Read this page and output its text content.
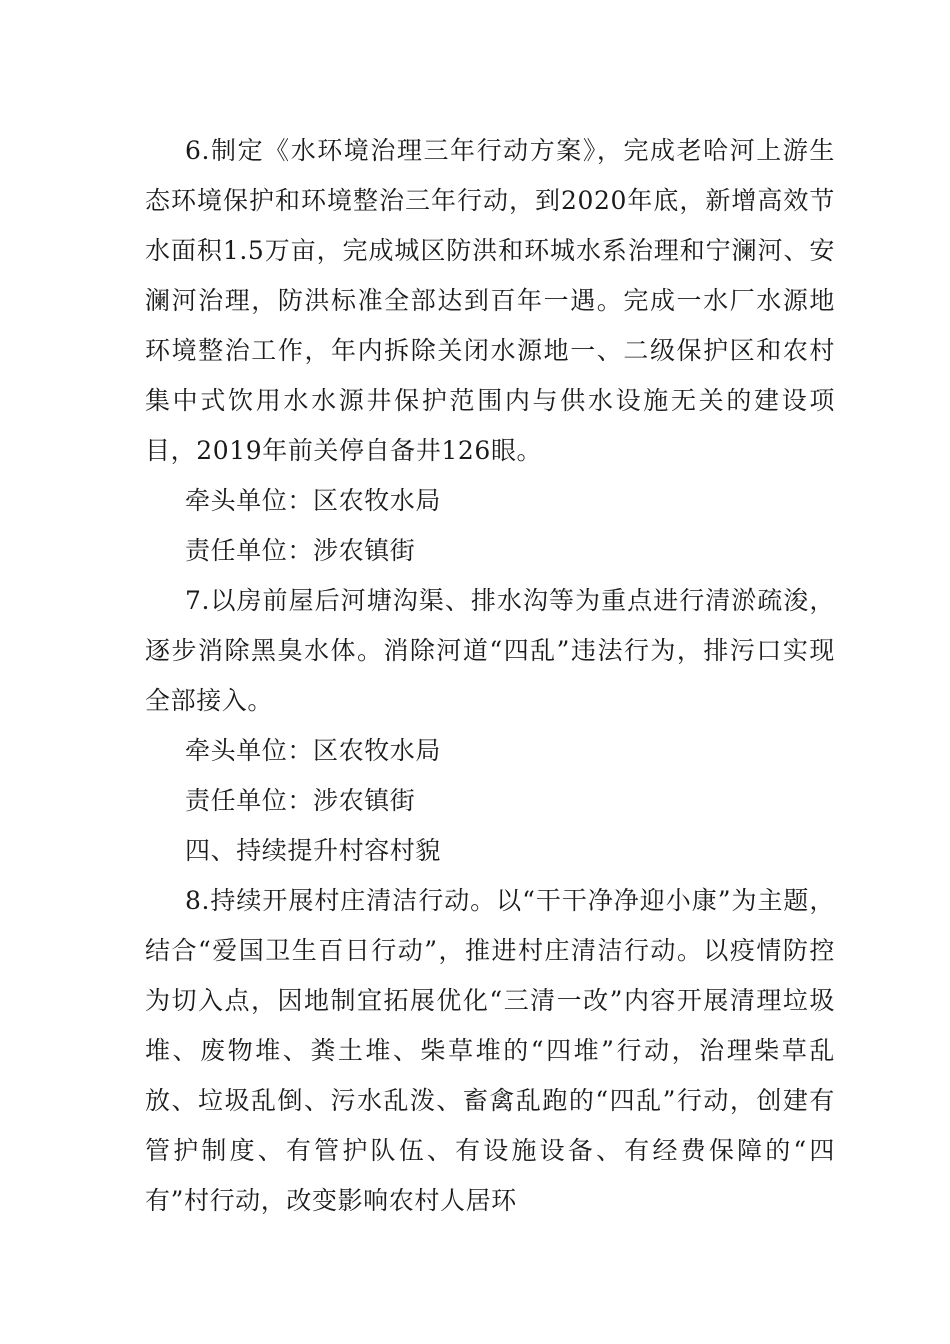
6.制定《水环境治理三年行动方案》，完成老哈河上游生态环境保护和环境整治三年行动，到2020年底，新增高效节水面积1.5万亩，完成城区防洪和环城水系治理和宁澜河、安澜河治理，防洪标准全部达到百年一遇。完成一水厂水源地环境整治工作，年内拆除关闭水源地一、二级保护区和农村集中式饮用水水源井保护范围内与供水设施无关的建设项目，2019年前关停自备井126眼。

牵头单位：区农牧水局

责任单位：涉农镇街

7.以房前屋后河塘沟渠、排水沟等为重点进行清淤疏浚，逐步消除黑臭水体。消除河道“四乱”违法行为，排污口实现全部接入。

牵头单位：区农牧水局

责任单位：涉农镇街

四、持续提升村容村貌

8.持续开展村庄清洁行动。以“干干净净迎小康”为主题，结合“爱国卫生百日行动”，推进村庄清洁行动。以疫情防控为切入点，因地制宜拓展优化“三清一改”内容开展清理垃圾堆、废物堆、粪土堆、柴草堆的“四堆”行动，治理柴草乱放、垃圾乱倒、污水乱泼、畜禽乱跑的“四乱”行动，创建有管护制度、有管护队伍、有设施设备、有经费保障的“四有”村行动，改变影响农村人居环
